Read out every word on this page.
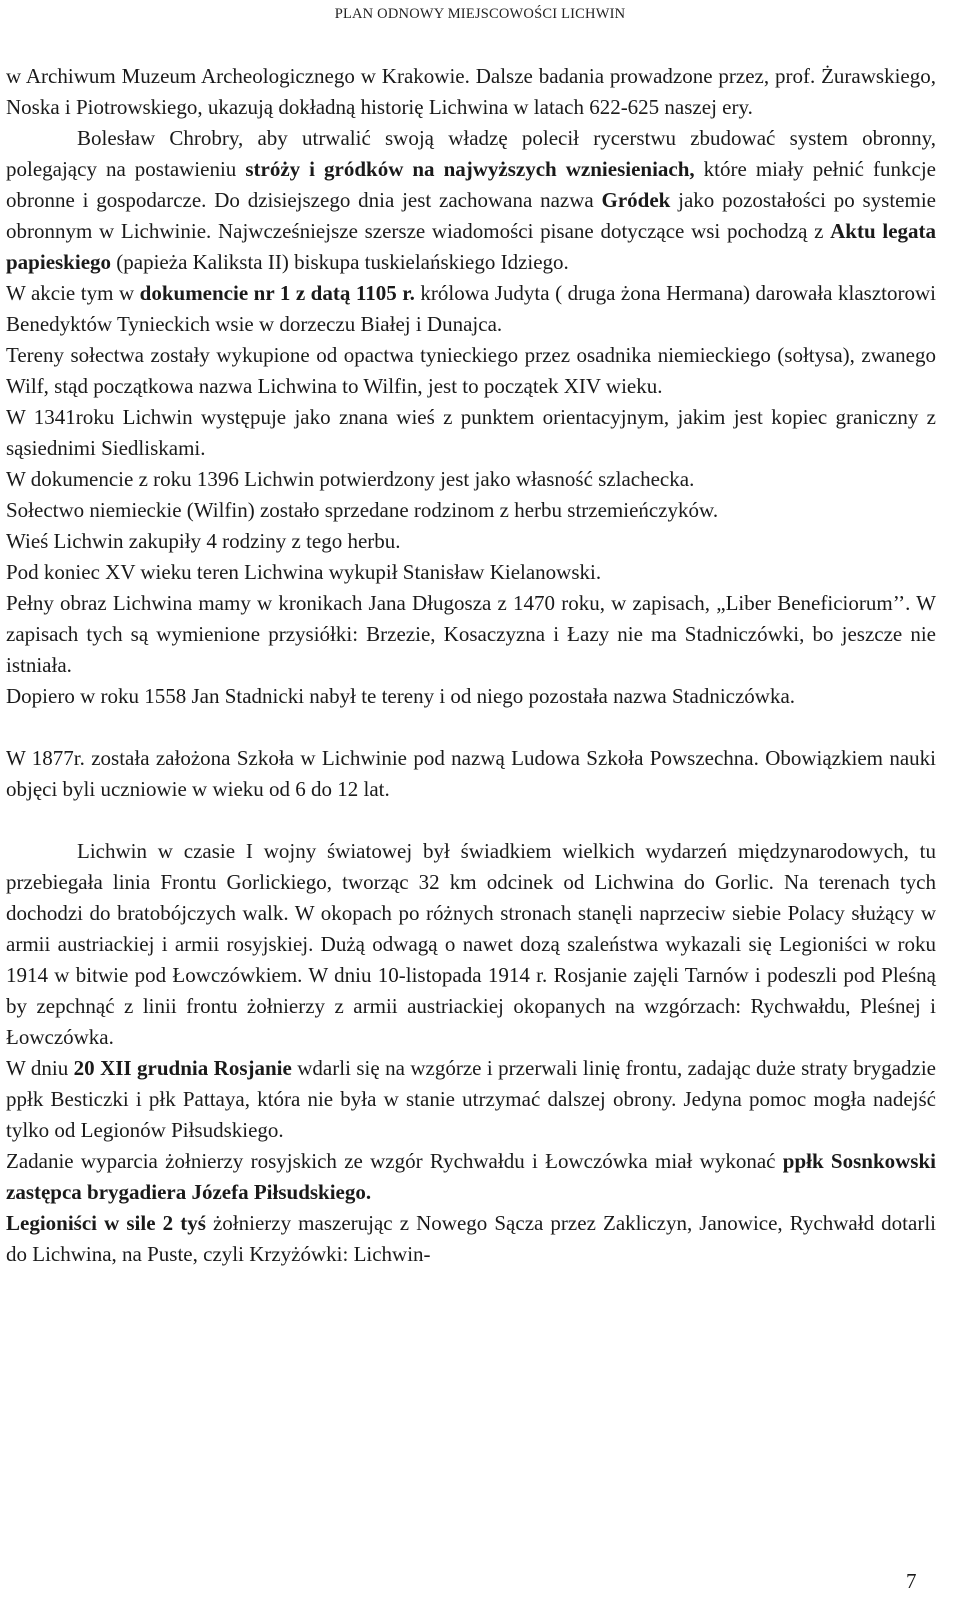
PLAN ODNOWY MIEJSCOWOŚCI LICHWIN

w Archiwum Muzeum Archeologicznego w Krakowie. Dalsze badania prowadzone przez, prof. Żurawskiego, Noska i Piotrowskiego, ukazują dokładną historię Lichwina w latach 622-625 naszej ery.

Bolesław Chrobry, aby utrwalić swoją władzę polecił rycerstwu zbudować system obronny, polegający na postawieniu stróży i gródków na najwyższych wzniesieniach, które miały pełnić funkcje obronne i gospodarcze. Do dzisiejszego dnia jest zachowana nazwa Gródek jako pozostałości po systemie obronnym w Lichwinie. Najwcześniejsze szersze wiadomości pisane dotyczące wsi pochodzą z Aktu legata papieskiego (papieża Kaliksta II) biskupa tuskielańskiego Idziego.

W akcie tym w dokumencie nr 1 z datą 1105 r. królowa Judyta ( druga żona Hermana) darowała klasztorowi Benedyktów Tynieckich wsie w dorzeczu Białej i Dunajca.

Tereny sołectwa zostały wykupione od opactwa tynieckiego przez osadnika niemieckiego (sołtysa), zwanego Wilf, stąd początkowa nazwa Lichwina to Wilfin, jest to początek XIV wieku.

W 1341roku Lichwin występuje jako znana wieś z punktem orientacyjnym, jakim jest kopiec graniczny z sąsiednimi Siedliskami.

W dokumencie z roku 1396 Lichwin potwierdzony jest jako własność szlachecka.

Sołectwo niemieckie (Wilfin) zostało sprzedane rodzinom z herbu strzemieńczyków.

Wieś Lichwin zakupiły 4 rodziny z tego herbu.

Pod koniec XV wieku teren Lichwina wykupił Stanisław Kielanowski.

Pełny obraz Lichwina mamy w kronikach Jana Długosza z 1470 roku, w zapisach, „Liber Beneficiorum’’. W zapisach tych są wymienione przysiółki: Brzezie, Kosaczyzna i Łazy nie ma Stadniczówki, bo jeszcze nie istniała.

Dopiero w roku 1558 Jan Stadnicki nabył te tereny i od niego pozostała nazwa Stadniczówka.

W 1877r. została założona Szkoła w Lichwinie pod nazwą Ludowa Szkoła Powszechna. Obowiązkiem nauki objęci byli uczniowie w wieku od 6 do 12 lat.

Lichwin w czasie I wojny światowej był świadkiem wielkich wydarzeń międzynarodowych, tu przebiegała linia Frontu Gorlickiego, tworząc 32 km odcinek od Lichwina do Gorlic. Na terenach tych dochodzi do bratobójczych walk. W okopach po różnych stronach stanęli naprzeciw siebie Polacy służący w armii austriackiej i armii rosyjskiej. Dużą odwagą o nawet dozą szaleństwa wykazali się Legioniści w roku 1914 w bitwie pod Łowczówkiem. W dniu 10-listopada 1914 r. Rosjanie zajęli Tarnów i podeszli pod Pleśną by zepchnąć z linii frontu żołnierzy z armii austriackiej okopanych na wzgórzach: Rychwałdu, Pleśnej i Łowczówka.

W dniu 20 XII grudnia Rosjanie wdarli się na wzgórze i przerwali linię frontu, zadając duże straty brygadzie ppłk Besticzki i płk Pattaya, która nie była w stanie utrzymać dalszej obrony. Jedyna pomoc mogła nadejść tylko od Legionów Piłsudskiego.

Zadanie wyparcia żołnierzy rosyjskich ze wzgór Rychwałdu i Łowczówka miał wykonać ppłk Sosnkowski zastępca brygadiera Józefa Piłsudskiego.

Legioniści w sile 2 tyś żołnierzy maszerując z Nowego Sącza przez Zakliczyn, Janowice, Rychwałd dotarli do Lichwina, na Puste, czyli Krzyżówki: Lichwin-

7
